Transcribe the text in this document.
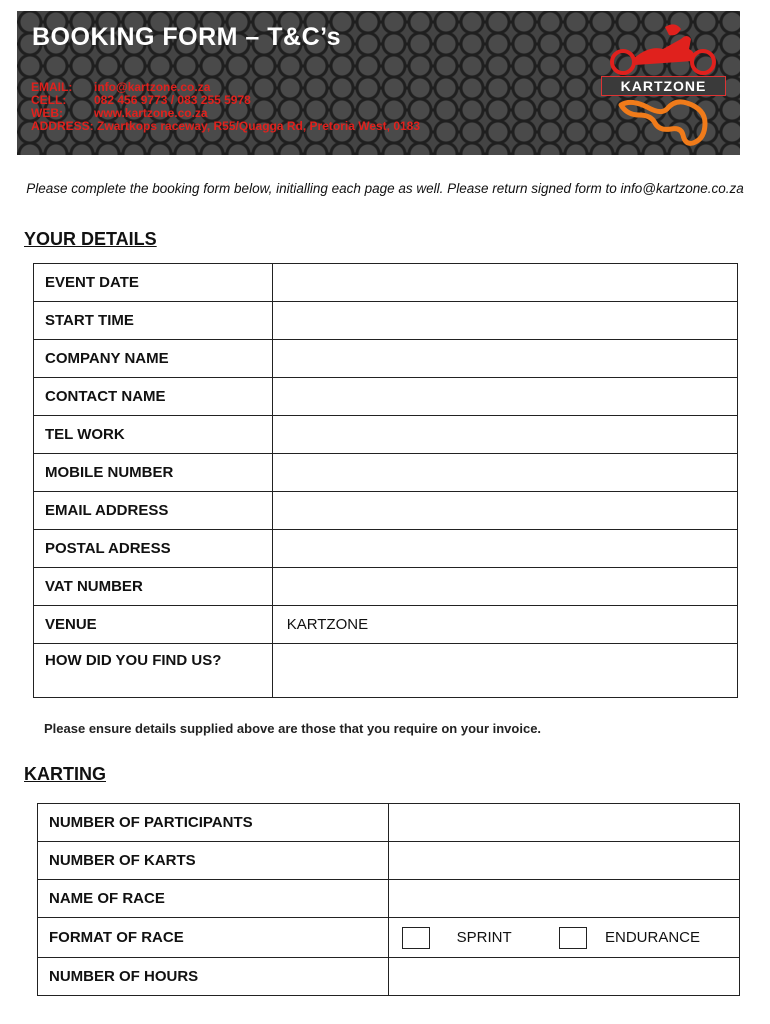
BOOKING FORM – T&C’s
EMAIL: info@kartzone.co.za
CELL: 082 456 9773 / 083 255 5978
WEB:	www.kartzone.co.za
ADDRESS: Zwartkops raceway, R55/Quagga Rd, Pretoria West, 0183
KARTZONE
Please complete the booking form below, initialling each page as well. Please return signed form to info@kartzone.co.za
YOUR DETAILS
EVENT DATE	
START TIME	
COMPANY NAME	
CONTACT NAME	
TEL WORK	
MOBILE NUMBER	
EMAIL ADDRESS	
POSTAL ADRESS	
VAT NUMBER	
VENUE	KARTZONE
HOW DID YOU FIND US?	
Please ensure details supplied above are those that you require on your invoice.
KARTING
NUMBER OF PARTICIPANTS	
NUMBER OF KARTS	
NAME OF RACE	
FORMAT OF RACE	SPRINT ENDURANCE
NUMBER OF HOURS	
